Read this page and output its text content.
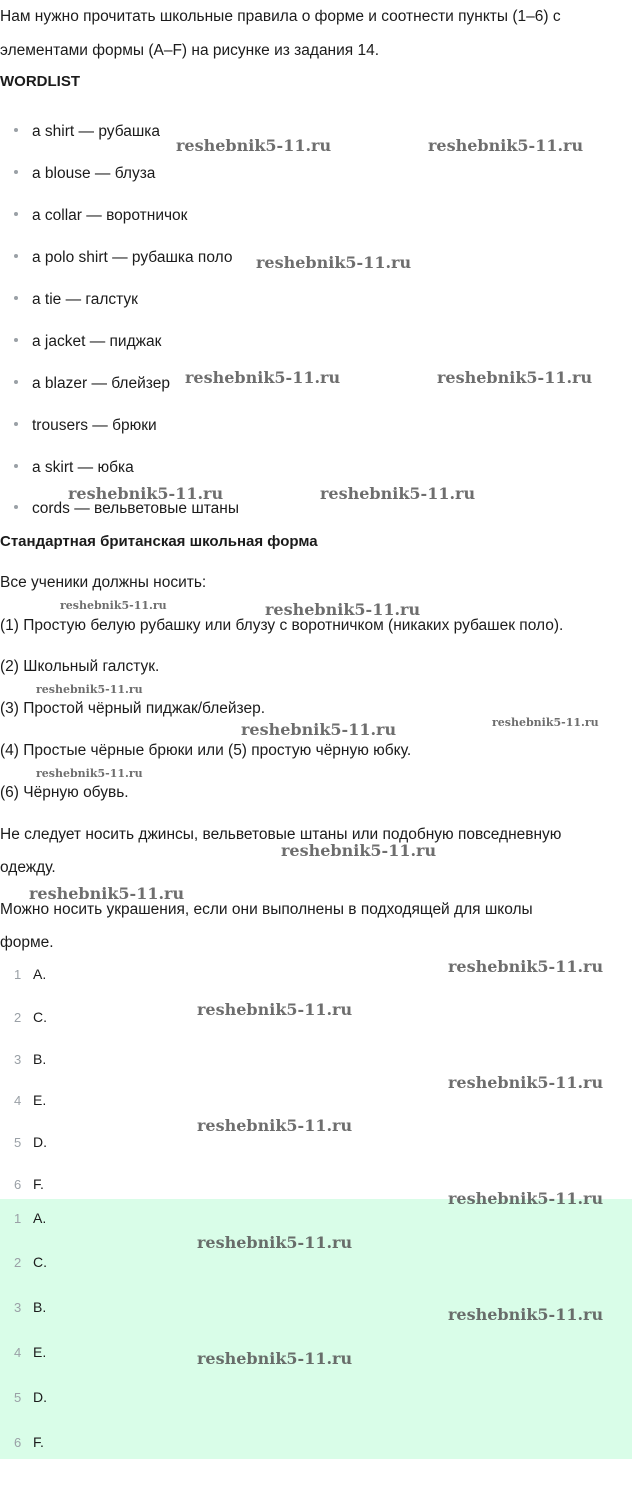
Нам нужно прочитать школьные правила о форме и соотнести пункты (1–6) с
элементами формы (A–F) на рисунке из задания 14.
WORDLIST
a shirt — рубашка
a blouse — блуза
a collar — воротничок
a polo shirt — рубашка поло
a tie — галстук
a jacket — пиджак
a blazer — блейзер
trousers — брюки
a skirt — юбка
cords — вельветовые штаны
Стандартная британская школьная форма
Все ученики должны носить:
(1) Простую белую рубашку или блузу с воротничком (никаких рубашек поло).
(2) Школьный галстук.
(3) Простой чёрный пиджак/блейзер.
(4) Простые чёрные брюки или (5) простую чёрную юбку.
(6) Чёрную обувь.
Не следует носить джинсы, вельветовые штаны или подобную повседневную
одежду.
Можно носить украшения, если они выполнены в подходящей для школы
форме.
1 A.
2 C.
3 B.
4 E.
5 D.
6 F.
1 A.
2 C.
3 B.
4 E.
5 D.
6 F.
reshebnik5-11.ru	reshebnik5-11.ru
reshebnik5-11.ru
reshebnik5-11.ru	reshebnik5-11.ru
reshebnik5-11.ru	reshebnik5-11.ru
reshebnik5-11.ru	reshebnik5-11.ru
reshebnik5-11.ru
reshebnik5-11.ru	reshebnik5-11.ru
reshebnik5-11.ru
reshebnik5-11.ru
reshebnik5-11.ru
reshebnik5-11.ru
reshebnik5-11.ru
reshebnik5-11.ru
reshebnik5-11.ru
reshebnik5-11.ru
reshebnik5-11.ru
reshebnik5-11.ru
reshebnik5-11.ru
